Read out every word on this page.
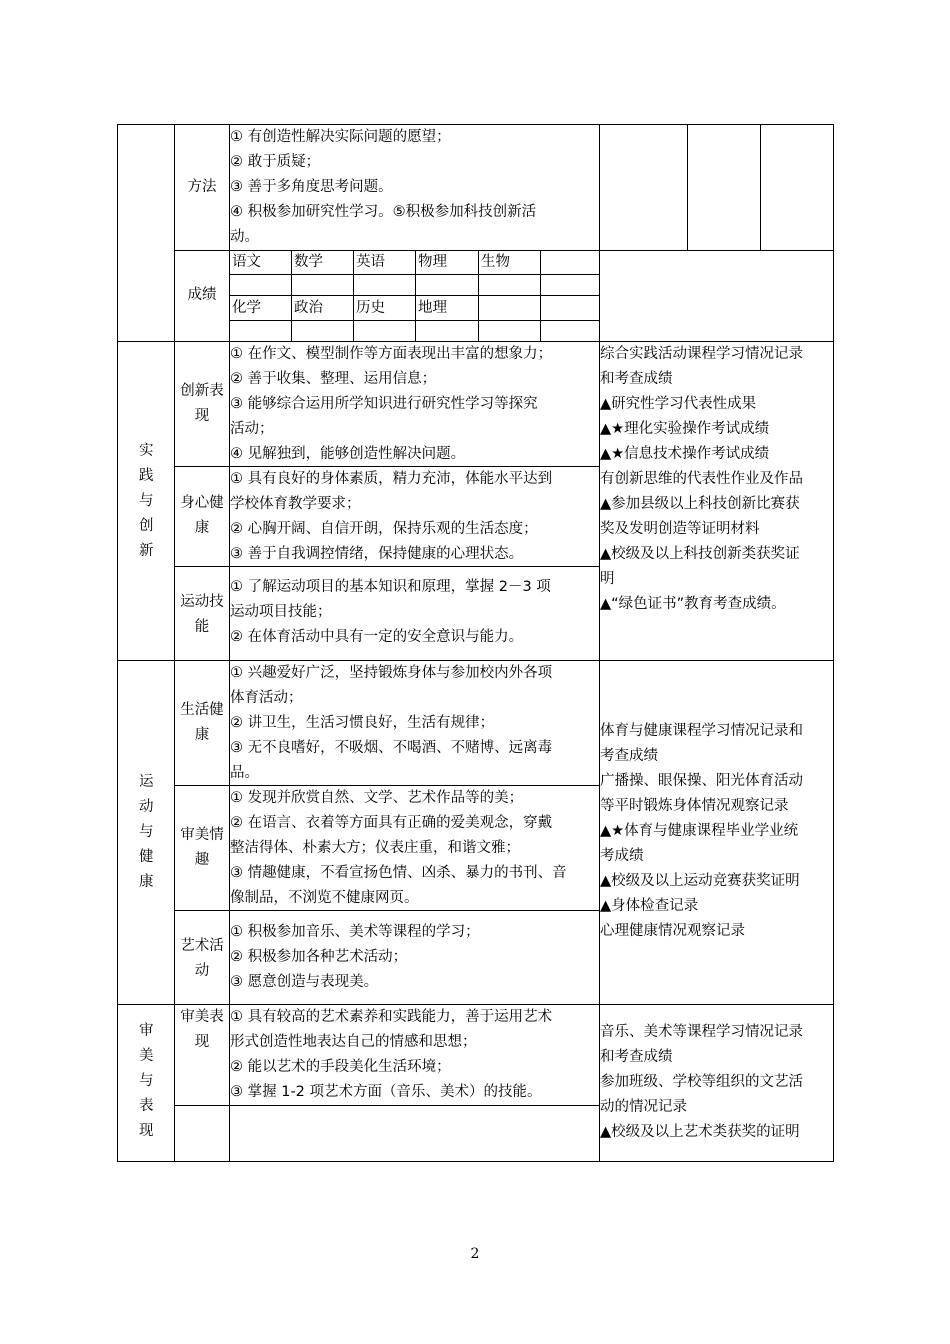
方法
① 有创造性解决实际问题的愿望；
② 敢于质疑；
③ 善于多角度思考问题。
④ 积极参加研究性学习。⑤积极参加科技创新活
动。
成绩
语文 数学 英语 物理 生物
化学 政治 历史 地理
实践与创新
创新表现
① 在作文、模型制作等方面表现出丰富的想象力；
② 善于收集、整理、运用信息；
③ 能够综合运用所学知识进行研究性学习等探究
活动；
④ 见解独到，能够创造性解决问题。
身心健康
① 具有良好的身体素质，精力充沛，体能水平达到
学校体育教学要求；
② 心胸开阔、自信开朗，保持乐观的生活态度；
③ 善于自我调控情绪，保持健康的心理状态。
运动技能
① 了解运动项目的基本知识和原理，掌握 2－3 项
运动项目技能；
② 在体育活动中具有一定的安全意识与能力。
综合实践活动课程学习情况记录
和考查成绩
▲研究性学习代表性成果
▲★理化实验操作考试成绩
▲★信息技术操作考试成绩
有创新思维的代表性作业及作品
▲参加县级以上科技创新比赛获
奖及发明创造等证明材料
▲校级及以上科技创新类获奖证
明
▲“绿色证书”教育考查成绩。
运动与健康
生活健康
① 兴趣爱好广泛，坚持锻炼身体与参加校内外各项
体育活动；
② 讲卫生，生活习惯良好，生活有规律；
③ 无不良嗜好，不吸烟、不喝酒、不赌博、远离毒
品。
审美情趣
① 发现并欣赏自然、文学、艺术作品等的美；
② 在语言、衣着等方面具有正确的爱美观念，穿戴
整洁得体、朴素大方；仪表庄重，和谐文雅；
③ 情趣健康，不看宣扬色情、凶杀、暴力的书刊、音
像制品，不浏览不健康网页。
艺术活动
① 积极参加音乐、美术等课程的学习；
② 积极参加各种艺术活动；
③ 愿意创造与表现美。
体育与健康课程学习情况记录和
考查成绩
广播操、眼保操、阳光体育活动
等平时锻炼身体情况观察记录
▲★体育与健康课程毕业学业统
考成绩
▲校级及以上运动竞赛获奖证明
▲身体检查记录
心理健康情况观察记录
审美与表现
审美表现
① 具有较高的艺术素养和实践能力，善于运用艺术
形式创造性地表达自己的情感和思想；
② 能以艺术的手段美化生活环境；
③ 掌握 1-2 项艺术方面（音乐、美术）的技能。
音乐、美术等课程学习情况记录
和考查成绩
参加班级、学校等组织的文艺活
动的情况记录
▲校级及以上艺术类获奖的证明
2
